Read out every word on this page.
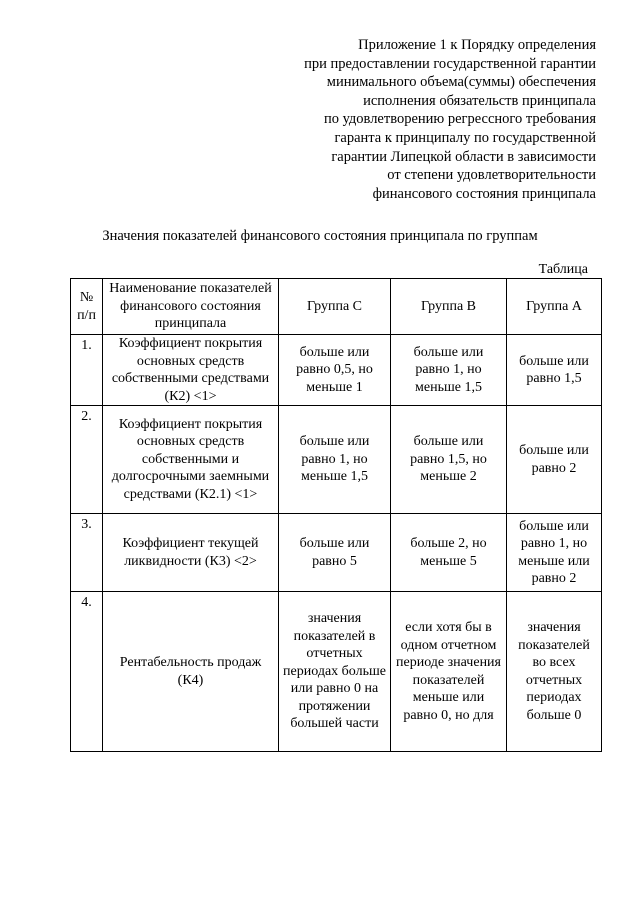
Приложение 1 к Порядку определения
при предоставлении государственной гарантии
минимального объема(суммы) обеспечения
исполнения обязательств принципала
по удовлетворению регрессного требования
гаранта к принципалу по государственной
гарантии Липецкой области в зависимости
от степени удовлетворительности
финансового состояния принципала
Значения показателей финансового состояния принципала по группам
Таблица
№ п/п	Наименование показателей финансового состояния принципала	Группа С	Группа В	Группа А
1.	Коэффициент покрытия основных средств собственными средствами (К2) <1>	больше или равно 0,5, но меньше 1	больше или равно 1, но меньше 1,5	больше или равно 1,5
2.	Коэффициент покрытия основных средств собственными и долгосрочными заемными средствами (К2.1) <1>	больше или равно 1, но меньше 1,5	больше или равно 1,5, но меньше 2	больше или равно 2
3.	Коэффициент текущей ликвидности (К3) <2>	больше или равно 5	больше 2, но меньше 5	больше или равно 1, но меньше или равно 2
4.	Рентабельность продаж (К4)	значения показателей в отчетных периодах больше или равно 0 на протяжении большей части	если хотя бы в одном отчетном периоде значения показателей меньше или равно 0, но для	значения показателей во всех отчетных периодах больше 0
